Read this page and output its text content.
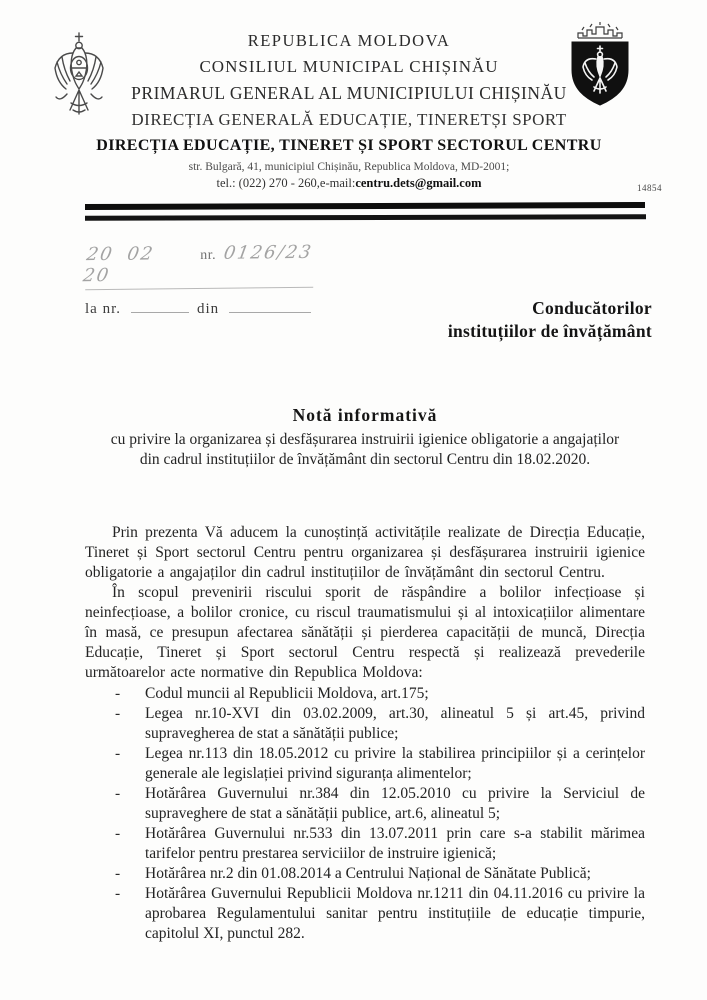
REPUBLICA MOLDOVA
CONSILIUL MUNICIPAL CHIȘINĂU
PRIMARUL GENERAL AL MUNICIPIULUI CHIȘINĂU
DIRECȚIA GENERALĂ EDUCAȚIE, TINERETȘI SPORT
DIRECȚIA EDUCAȚIE, TINERET ȘI SPORT SECTORUL CENTRU
str. Bulgară, 41, municipiul Chișinău, Republica Moldova, MD-2001;
tel.: (022) 270 - 260,e-mail:centru.dets@gmail.com	14854
20 02 20
nr. 0126/23
la nr.	din	Conducătorilor
instituțiilor de învățământ
Notă informativă
cu privire la organizarea și desfășurarea instruirii igienice obligatorie a angajaților din cadrul instituțiilor de învățământ din sectorul Centru din 18.02.2020.

Prin prezenta Vă aducem la cunoștință activitățile realizate de Direcția Educație, Tineret și Sport sectorul Centru pentru organizarea și desfășurarea instruirii igienice obligatorie a angajaților din cadrul instituțiilor de învățământ din sectorul Centru.

În scopul prevenirii riscului sporit de răspândire a bolilor infecțioase și neinfecțioase, a bolilor cronice, cu riscul traumatismului și al intoxicațiilor alimentare în masă, ce presupun afectarea sănătății și pierderea capacității de muncă, Direcția Educație, Tineret și Sport sectorul Centru respectă și realizează prevederile următoarelor acte normative din Republica Moldova:

-	Codul muncii al Republicii Moldova, art.175;
-	Legea nr.10-XVI din 03.02.2009, art.30, alineatul 5 și art.45, privind supravegherea de stat a sănătății publice;
-	Legea nr.113 din 18.05.2012 cu privire la stabilirea principiilor și a cerințelor generale ale legislației privind siguranța alimentelor;
-	Hotărârea Guvernului nr.384 din 12.05.2010 cu privire la Serviciul de supraveghere de stat a sănătății publice, art.6, alineatul 5;
-	Hotărârea Guvernului nr.533 din 13.07.2011 prin care s-a stabilit mărimea tarifelor pentru prestarea serviciilor de instruire igienică;
-	Hotărârea nr.2 din 01.08.2014 a Centrului Național de Sănătate Publică;
-	Hotărârea Guvernului Republicii Moldova nr.1211 din 04.11.2016 cu privire la aprobarea Regulamentului sanitar pentru instituțiile de educație timpurie, capitolul XI, punctul 282.
